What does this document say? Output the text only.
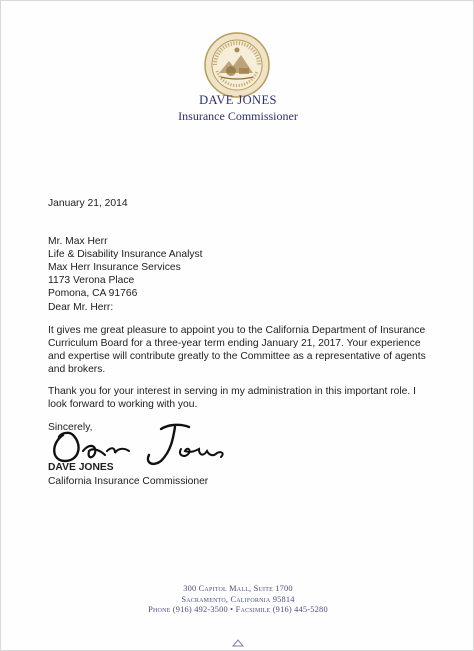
DAVE JONES
Insurance Commissioner
January 21, 2014
Mr. Max Herr
Life & Disability Insurance Analyst
Max Herr Insurance Services
1173 Verona Place
Pomona, CA 91766
Dear Mr. Herr:
It gives me great pleasure to appoint you to the California Department of Insurance
Curriculum Board for a three-year term ending January 21, 2017. Your experience
and expertise will contribute greatly to the Committee as a representative of agents
and brokers.
Thank you for your interest in serving in my administration in this important role. I
look forward to working with you.
Sincerely,
DAVE JONES
California Insurance Commissioner
300 Capitol Mall, Suite 1700
Sacramento, California 95814
Phone (916) 492-3500 • Facsimile (916) 445-5280
